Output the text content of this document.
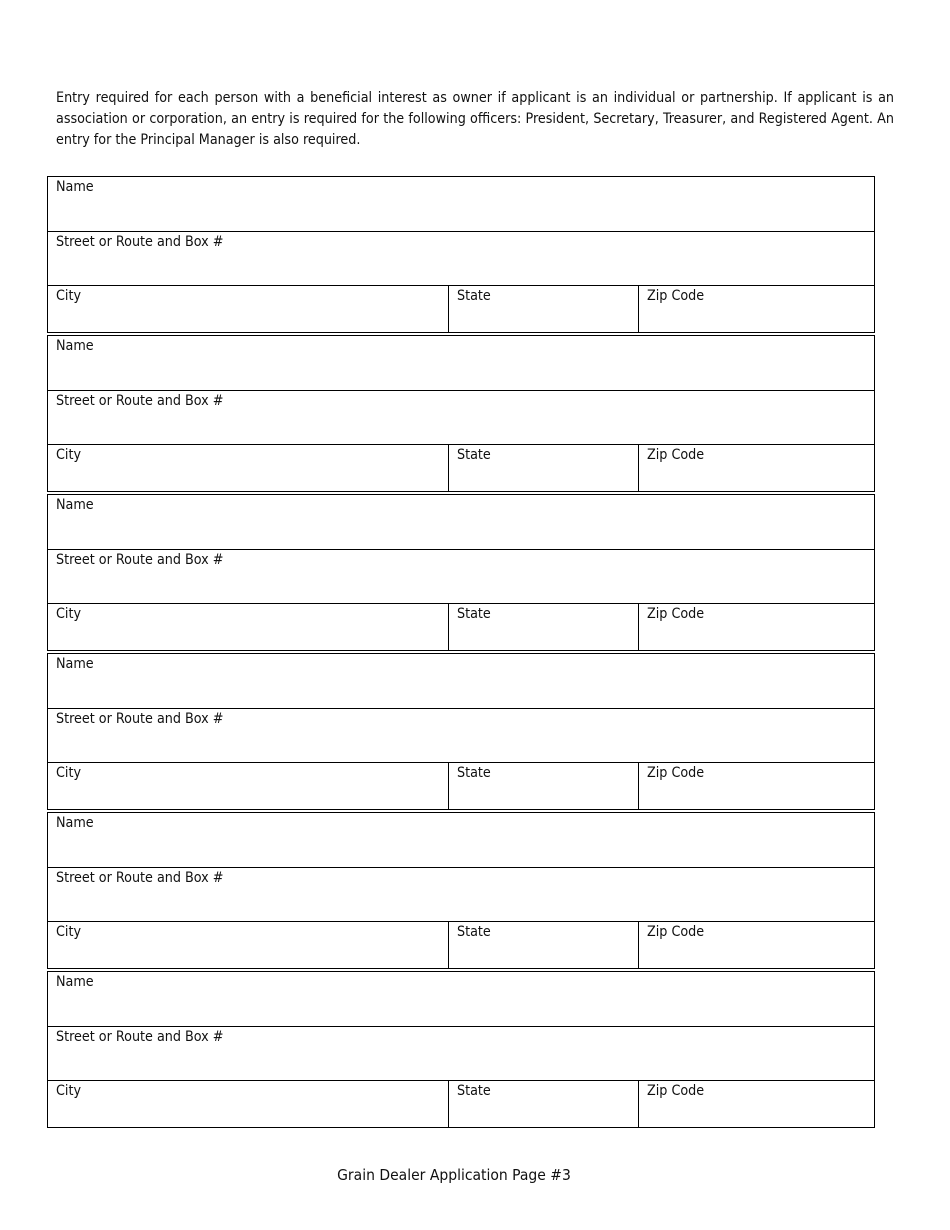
Entry required for each person with a beneficial interest as owner if applicant is an individual or partnership. If applicant is an association or corporation, an entry is required for the following officers: President, Secretary, Treasurer, and Registered Agent. An entry for the Principal Manager is also required.
Name
Street or Route and Box #
City	State	Zip Code
Name
Street or Route and Box #
City	State	Zip Code
Name
Street or Route and Box #
City	State	Zip Code
Name
Street or Route and Box #
City	State	Zip Code
Name
Street or Route and Box #
City	State	Zip Code
Name
Street or Route and Box #
City	State	Zip Code
Grain Dealer Application Page #3
